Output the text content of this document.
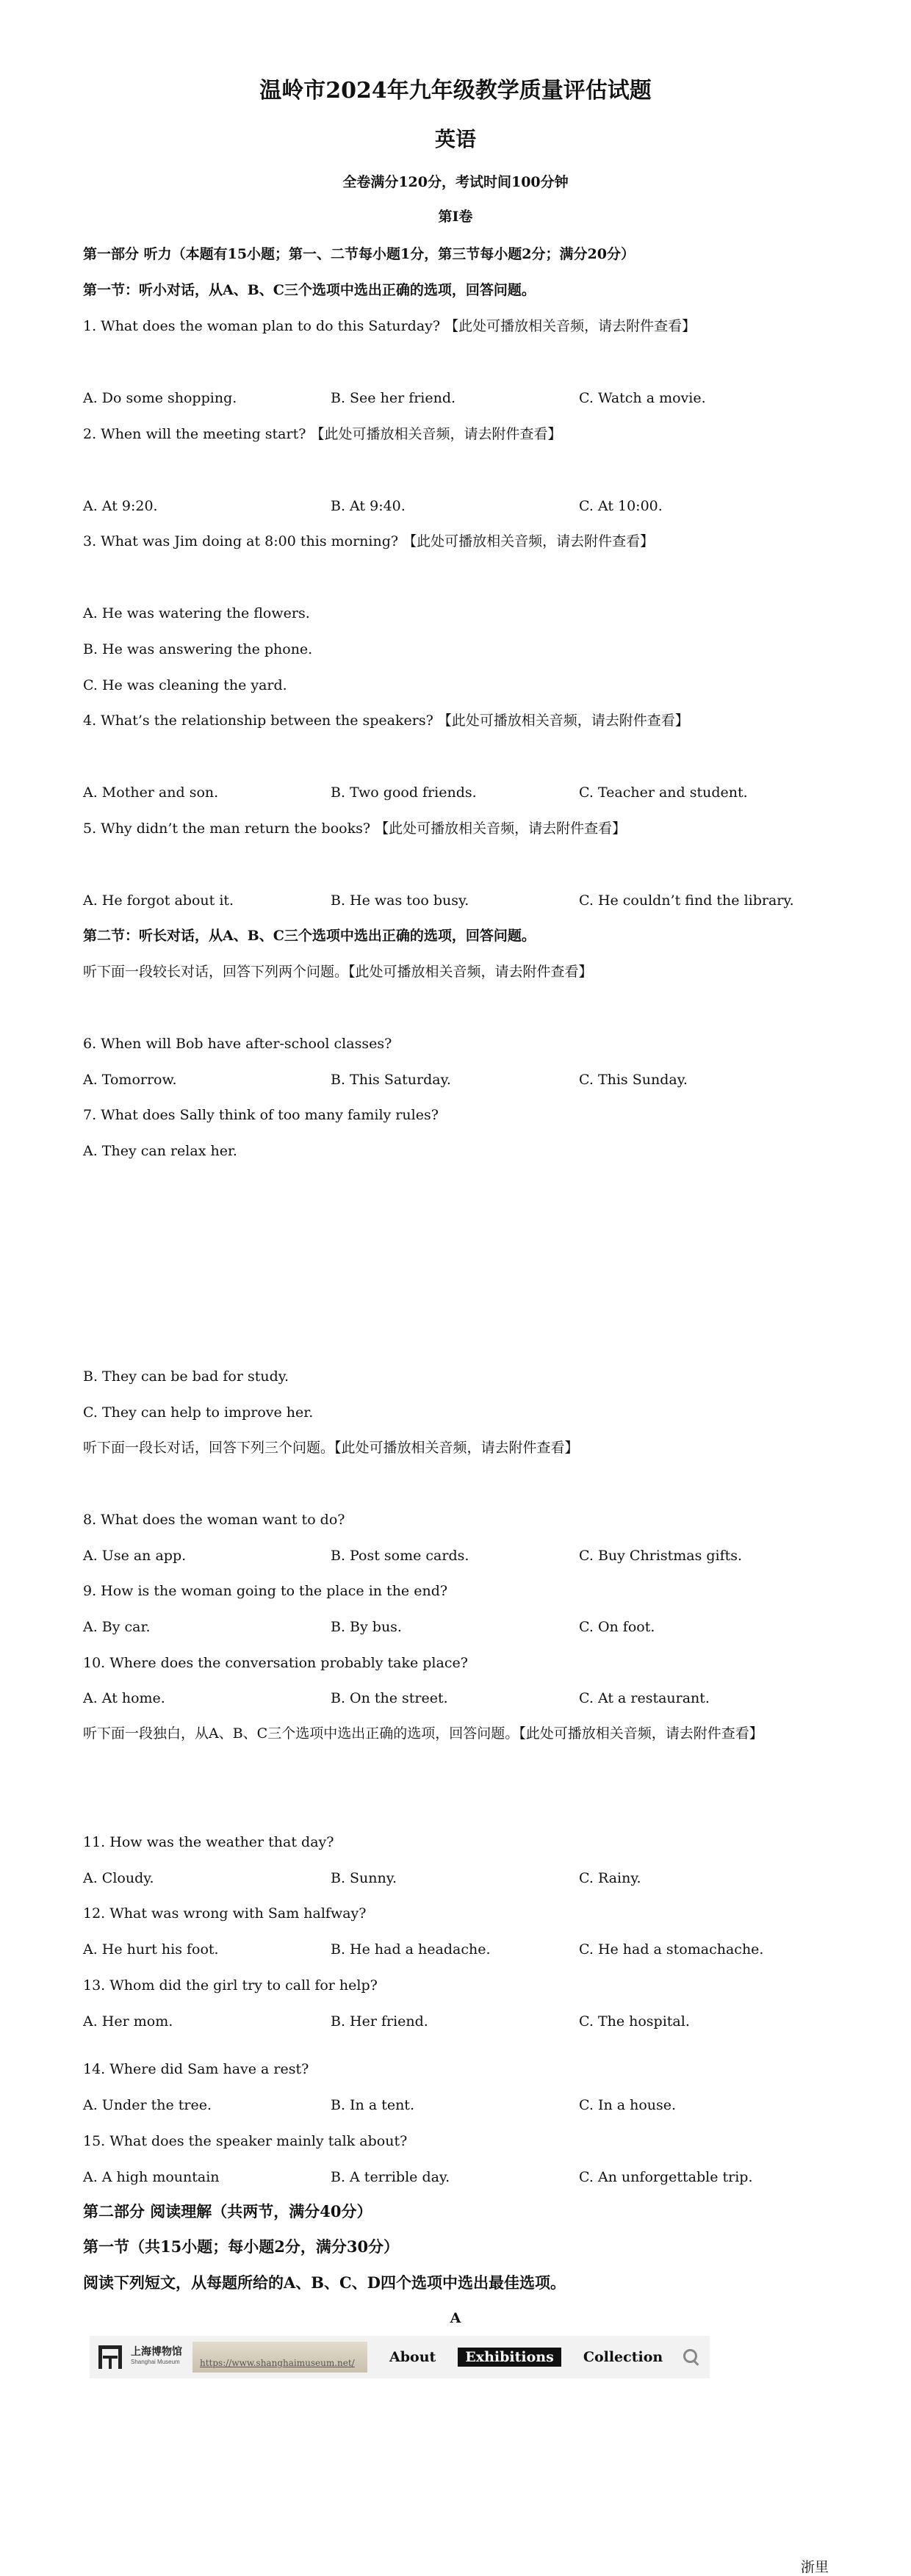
温岭市2024年九年级教学质量评估试题
英语
全卷满分120分，考试时间100分钟
第Ⅰ卷
第一部分 听力（本题有15小题；第一、二节每小题1分，第三节每小题2分；满分20分）
第一节：听小对话，从A、B、C三个选项中选出正确的选项，回答问题。
1. What does the woman plan to do this Saturday? 【此处可播放相关音频，请去附件查看】
A. Do some shopping.	B. See her friend.	C. Watch a movie.
2. When will the meeting start? 【此处可播放相关音频，请去附件查看】
A. At 9:20.	B. At 9:40.	C. At 10:00.
3. What was Jim doing at 8:00 this morning? 【此处可播放相关音频，请去附件查看】
A. He was watering the flowers.
B. He was answering the phone.
C. He was cleaning the yard.
4. What’s the relationship between the speakers? 【此处可播放相关音频，请去附件查看】
A. Mother and son.	B. Two good friends.	C. Teacher and student.
5. Why didn’t the man return the books? 【此处可播放相关音频，请去附件查看】
A. He forgot about it.	B. He was too busy.	C. He couldn’t find the library.
第二节：听长对话，从A、B、C三个选项中选出正确的选项，回答问题。
听下面一段较长对话，回答下列两个问题。【此处可播放相关音频，请去附件查看】
6. When will Bob have after-school classes?
A. Tomorrow.	B. This Saturday.	C. This Sunday.
7. What does Sally think of too many family rules?
A. They can relax her.
B. They can be bad for study.
C. They can help to improve her.
听下面一段长对话，回答下列三个问题。【此处可播放相关音频，请去附件查看】
8. What does the woman want to do?
A. Use an app.	B. Post some cards.	C. Buy Christmas gifts.
9. How is the woman going to the place in the end?
A. By car.	B. By bus.	C. On foot.
10. Where does the conversation probably take place?
A. At home.	B. On the street.	C. At a restaurant.
听下面一段独白，从A、B、C三个选项中选出正确的选项，回答问题。【此处可播放相关音频，请去附件查看】
11. How was the weather that day?
A. Cloudy.	B. Sunny.	C. Rainy.
12. What was wrong with Sam halfway?
A. He hurt his foot.	B. He had a headache.	C. He had a stomachache.
13. Whom did the girl try to call for help?
A. Her mom.	B. Her friend.	C. The hospital.
14. Where did Sam have a rest?
A. Under the tree.	B. In a tent.	C. In a house.
15. What does the speaker mainly talk about?
A. A high mountain	B. A terrible day.	C. An unforgettable trip.
第二部分 阅读理解（共两节，满分40分）
第一节（共15小题；每小题2分，满分30分）
阅读下列短文，从每题所给的A、B、C、D四个选项中选出最佳选项。
A
上海博物馆
Shanghai Museum https://www.shanghaimuseum.net/ About	Exhibitions	Collection
浙里
